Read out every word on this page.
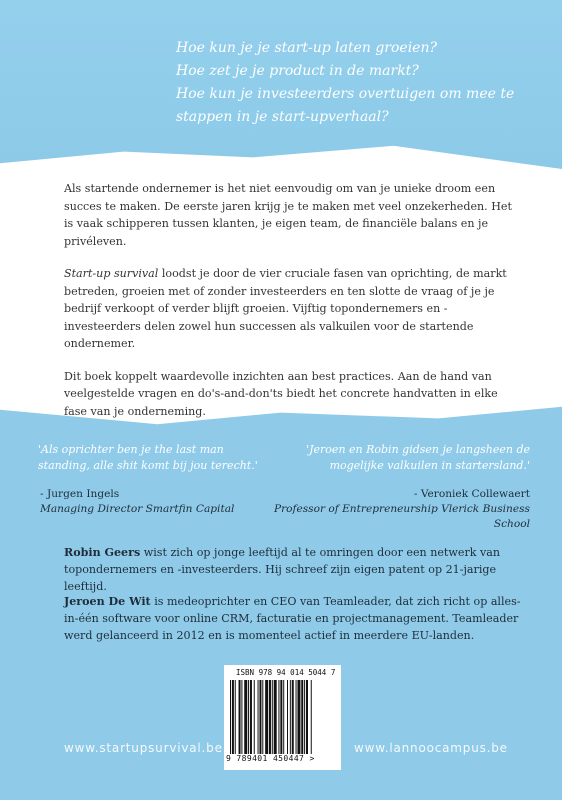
Hoe kun je je start-up laten groeien?

Hoe zet je je product in de markt?

Hoe kun je investeerders overtuigen om mee te stappen in je start-upverhaal?

Als startende ondernemer is het niet eenvoudig om van je unieke droom een succes te maken. De eerste jaren krijg je te maken met veel onzekerheden. Het is vaak schipperen tussen klanten, je eigen team, de financiële balans en je privéleven.

Start-up survival loodst je door de vier cruciale fasen van oprichting, de markt betreden, groeien met of zonder investeerders en ten slotte de vraag of je je bedrijf verkoopt of verder blijft groeien. Vijftig topondernemers en -investeerders delen zowel hun successen als valkuilen voor de startende ondernemer.

Dit boek koppelt waardevolle inzichten aan best practices. Aan de hand van veelgestelde vragen en do's-and-don'ts biedt het concrete handvatten in elke fase van je onderneming.

'Als oprichter ben je the last man standing, alle shit komt bij jou terecht.'
'Jeroen en Robin gidsen je langsheen de mogelijke valkuilen in startersland.'
- Jurgen Ingels
Managing Director Smartfin Capital
- Veroniek Collewaert
Professor of Entrepreneurship Vlerick Business School
Robin Geers wist zich op jonge leeftijd al te omringen door een netwerk van topondernemers en -investeerders. Hij schreef zijn eigen patent op 21-jarige leeftijd.
Jeroen De Wit is medeoprichter en CEO van Teamleader, dat zich richt op alles-in-één software voor online CRM, facturatie en projectmanagement. Teamleader werd gelanceerd in 2012 en is momenteel actief in meerdere EU-landen.
ISBN 978 94 014 5044 7
9 789401 450447 >
www.startupsurvival.be	www.lannoocampus.be
